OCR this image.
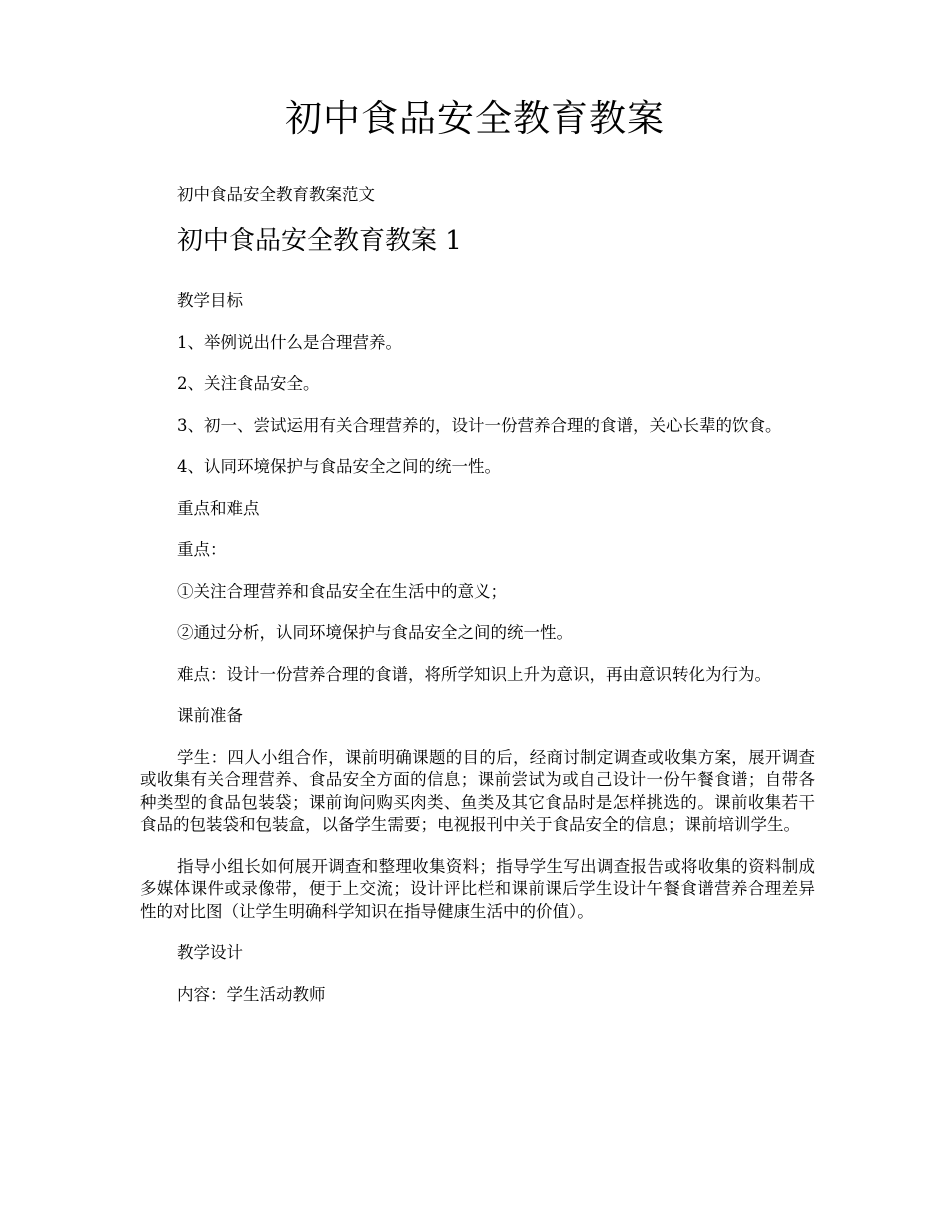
初中食品安全教育教案

初中食品安全教育教案范文

初中食品安全教育教案 1

教学目标

1、举例说出什么是合理营养。

2、关注食品安全。

3、初一、尝试运用有关合理营养的，设计一份营养合理的食谱，关心长辈的饮食。

4、认同环境保护与食品安全之间的统一性。

重点和难点

重点：

①关注合理营养和食品安全在生活中的意义；

②通过分析，认同环境保护与食品安全之间的统一性。

难点：设计一份营养合理的食谱，将所学知识上升为意识，再由意识转化为行为。

课前准备

学生：四人小组合作，课前明确课题的目的后，经商讨制定调查或收集方案，展开调查或收集有关合理营养、食品安全方面的信息；课前尝试为或自己设计一份午餐食谱；自带各种类型的食品包装袋；课前询问购买肉类、鱼类及其它食品时是怎样挑选的。课前收集若干食品的包装袋和包装盒，以备学生需要；电视报刊中关于食品安全的信息；课前培训学生。

指导小组长如何展开调查和整理收集资料；指导学生写出调查报告或将收集的资料制成多媒体课件或录像带，便于上交流；设计评比栏和课前课后学生设计午餐食谱营养合理差异性的对比图（让学生明确科学知识在指导健康生活中的价值）。

教学设计

内容：学生活动教师
